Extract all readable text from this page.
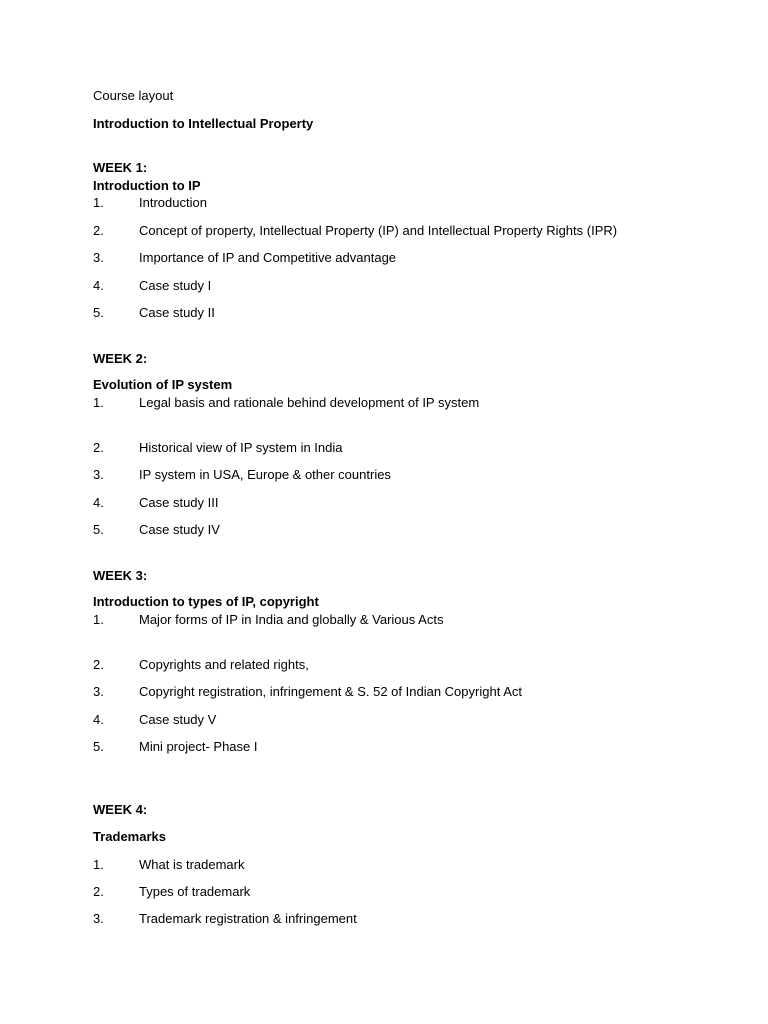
Course layout
Introduction to Intellectual Property
WEEK 1:
Introduction to IP
1.	Introduction
2.	Concept of property, Intellectual Property (IP) and Intellectual Property Rights (IPR)
3.	Importance of IP and Competitive advantage
4.	Case study I
5.	Case study II
WEEK 2:
Evolution of IP system
1.	Legal basis and rationale behind development of IP system
2.	Historical view of IP system in India
3.	IP system in USA, Europe & other countries
4.	Case study III
5.	Case study IV
WEEK 3:
Introduction to types of IP, copyright
1.	Major forms of IP in India and globally & Various Acts
2.	Copyrights and related rights,
3.	Copyright registration, infringement & S. 52 of Indian Copyright Act
4.	Case study V
5.	Mini project- Phase I
WEEK 4:
Trademarks
1.	What is trademark
2.	Types of trademark
3.	Trademark registration & infringement
